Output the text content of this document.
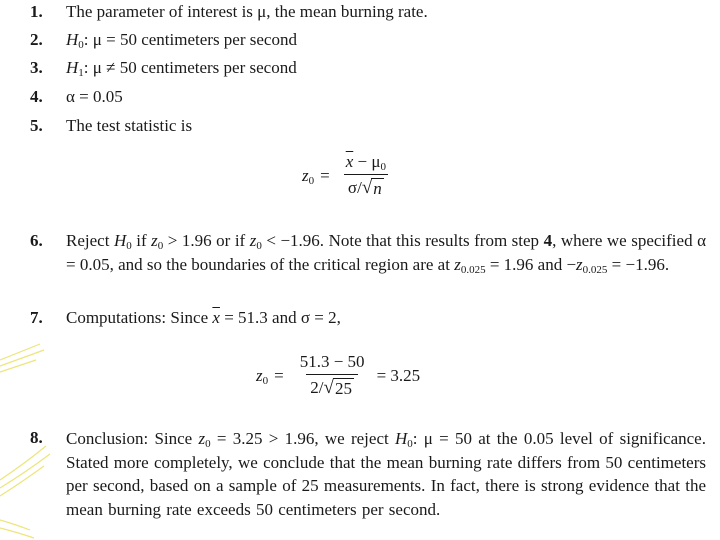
1.	The parameter of interest is μ, the mean burning rate.
2.	$H_0$: μ = 50 centimeters per second
3.	$H_1$: μ ≠ 50 centimeters per second
4.	α = 0.05
5.	The test statistic is
$z_0 = \frac{\overline{x} - \mu_0}{\sigma/ √ n}$
6.	Reject $H_0$ if $z_0 > 1.96$ or if $z_0 < -1.96$. Note that this results from step 4, where we specified α = 0.05, and so the boundaries of the critical region are at $z_{0.025} = 1.96$ and $-z_{0.025} = -1.96$.
7.	Computations: Since $\overline{x} = 51.3$ and σ = 2,
$z_0 = \frac{51.3 - 50}{2/ √ 25} = 3.25$
8.	Conclusion: Since $z_0 = 3.25 > 1.96$, we reject $H_0$: μ = 50 at the 0.05 level of significance. Stated more completely, we conclude that the mean burning rate differs from 50 centimeters per second, based on a sample of 25 measurements. In fact, there is strong evidence that the mean burning rate exceeds 50 centimeters per second.
